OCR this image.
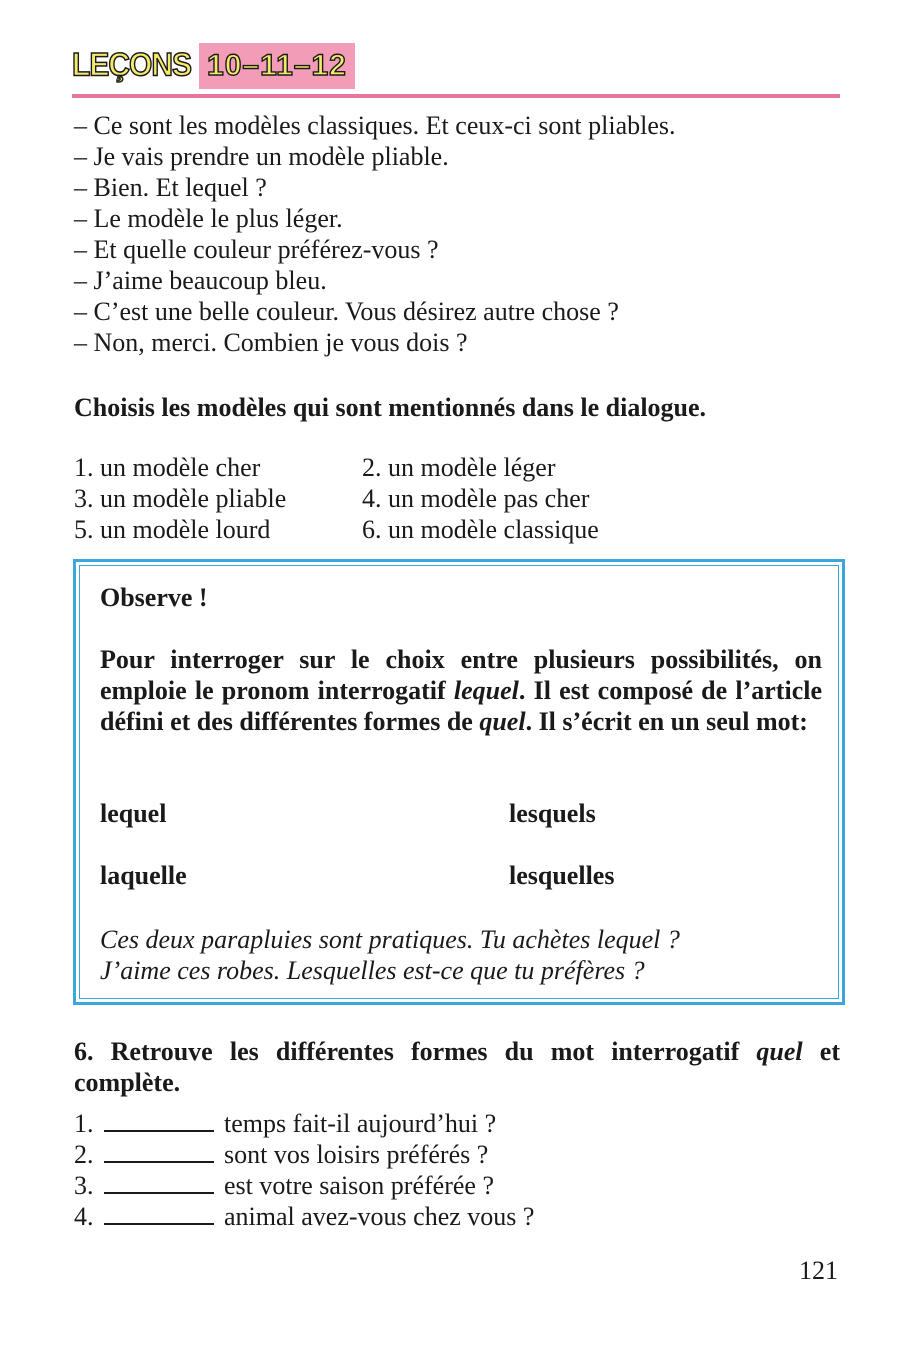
LEÇONS 10–11–12
– Ce sont les modèles classiques. Et ceux-ci sont pliables.
– Je vais prendre un modèle pliable.
– Bien. Et lequel ?
– Le modèle le plus léger.
– Et quelle couleur préférez-vous ?
– J’aime beaucoup bleu.
– C’est une belle couleur. Vous désirez autre chose ?
– Non, merci. Combien je vous dois ?
Choisis les modèles qui sont mentionnés dans le dialogue.
1. un modèle cher	2. un modèle léger
3. un modèle pliable	4. un modèle pas cher
5. un modèle lourd	6. un modèle classique
Observe !
Pour interroger sur le choix entre plusieurs possibilités, on emploie le pronom interrogatif lequel. Il est composé de l’article défini et des différentes formes de quel. Il s’écrit en un seul mot:
lequel	lesquels
laquelle	lesquelles
Ces deux parapluies sont pratiques. Tu achètes lequel ?
J’aime ces robes. Lesquelles est-ce que tu préfères ?
6. Retrouve les différentes formes du mot interrogatif quel et complète.
1.	temps fait-il aujourd’hui ?
2.	sont vos loisirs préférés ?
3.	est votre saison préférée ?
4.	animal avez-vous chez vous ?
121
